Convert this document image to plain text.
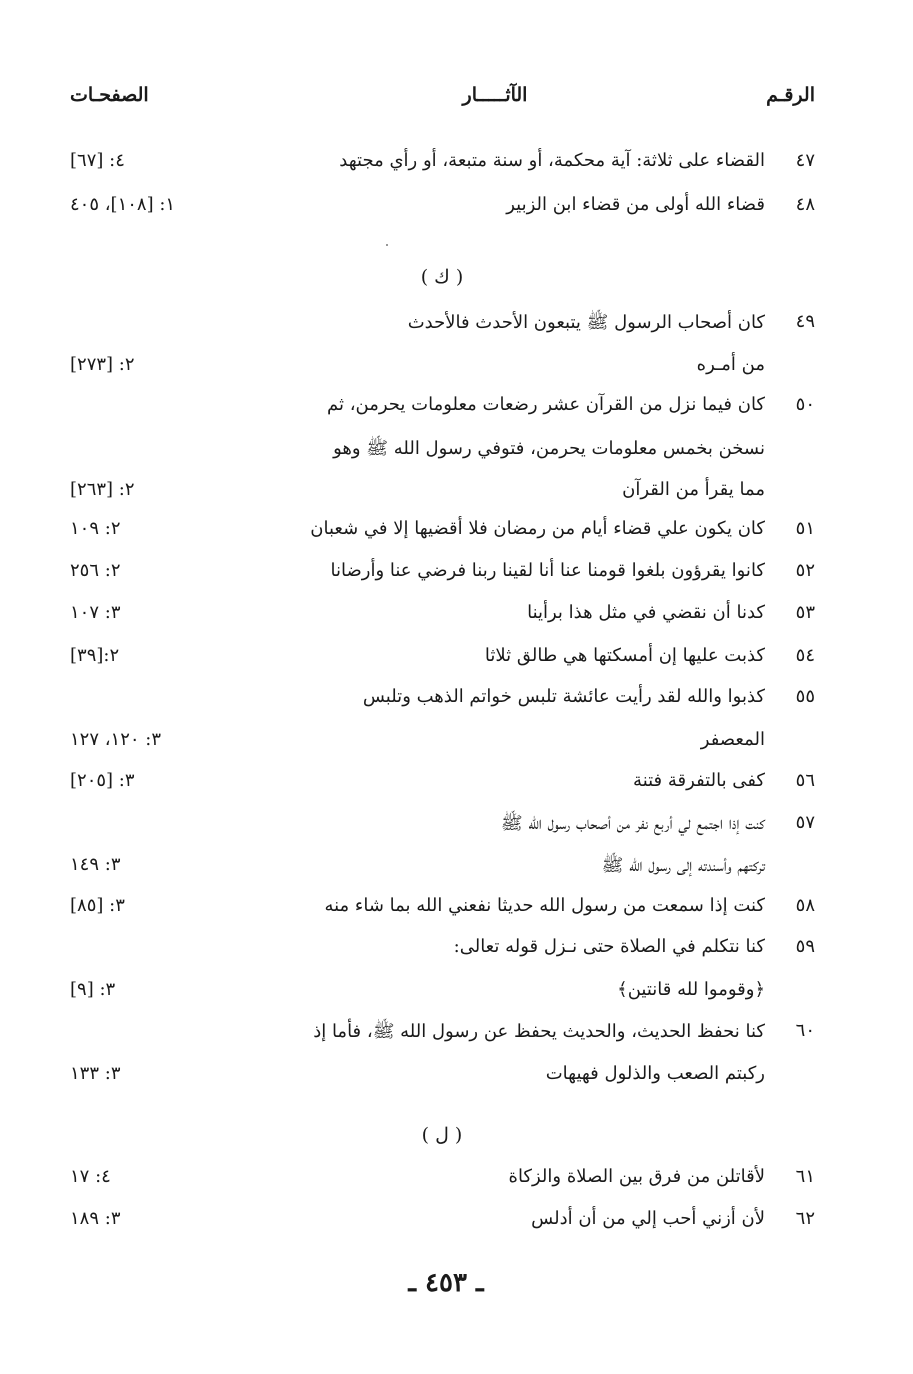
الرقـم
الآثـــــار
الصفحـات
٤٧
القضاء على ثلاثة: آية محكمة، أو سنة متبعة، أو رأي مجتهد
٤: [٦٧]
٤٨
قضاء الله أولى من قضاء ابن الزبير
١: [١٠٨]، ٤٠٥
( ك )
٤٩
كان أصحاب الرسول ﷺ يتبعون الأحدث فالأحدث
من أمـره
٢: [٢٧٣]
٥٠
كان فيما نزل من القرآن عشر رضعات معلومات يحرمن، ثم
نسخن بخمس معلومات يحرمن، فتوفي رسول الله ﷺ وهو
مما يقرأ من القرآن
٢: [٢٦٣]
٥١
كان يكون علي قضاء أيام من رمضان فلا أقضيها إلا في شعبان
٢: ١٠٩
٥٢
كانوا يقرؤون بلغوا قومنا عنا أنا لقينا ربنا فرضي عنا وأرضانا
٢: ٢٥٦
٥٣
كدنا أن نقضي في مثل هذا برأينا
٣: ١٠٧
٥٤
كذبت عليها إن أمسكتها هي طالق ثلاثا
٢:[٣٩]
٥٥
كذبوا والله لقد رأيت عائشة تلبس خواتم الذهب وتلبس
المعصفر
٣: ١٢٠، ١٢٧
٥٦
كفى بالتفرقة فتنة
٣: [٢٠٥]
٥٧
كنت إذا اجتمع لي أربع نفر من أصحاب رسول الله ﷺ
تركتهم وأسندته إلى رسول الله ﷺ
٣: ١٤٩
٥٨
كنت إذا سمعت من رسول الله حديثا نفعني الله بما شاء منه
٣: [٨٥]
٥٩
كنا نتكلم في الصلاة حتى نـزل قوله تعالى:
﴿وقوموا لله قانتين﴾
٣: [٩]
٦٠
كنا نحفظ الحديث، والحديث يحفظ عن رسول الله ﷺ، فأما إذ
ركبتم الصعب والذلول فهيهات
٣: ١٣٣
( ل )
٦١
لأقاتلن من فرق بين الصلاة والزكاة
٤: ١٧
٦٢
لأن أزني أحب إلي من أن أدلس
٣: ١٨٩
ـ ٤٥٣ ـ
